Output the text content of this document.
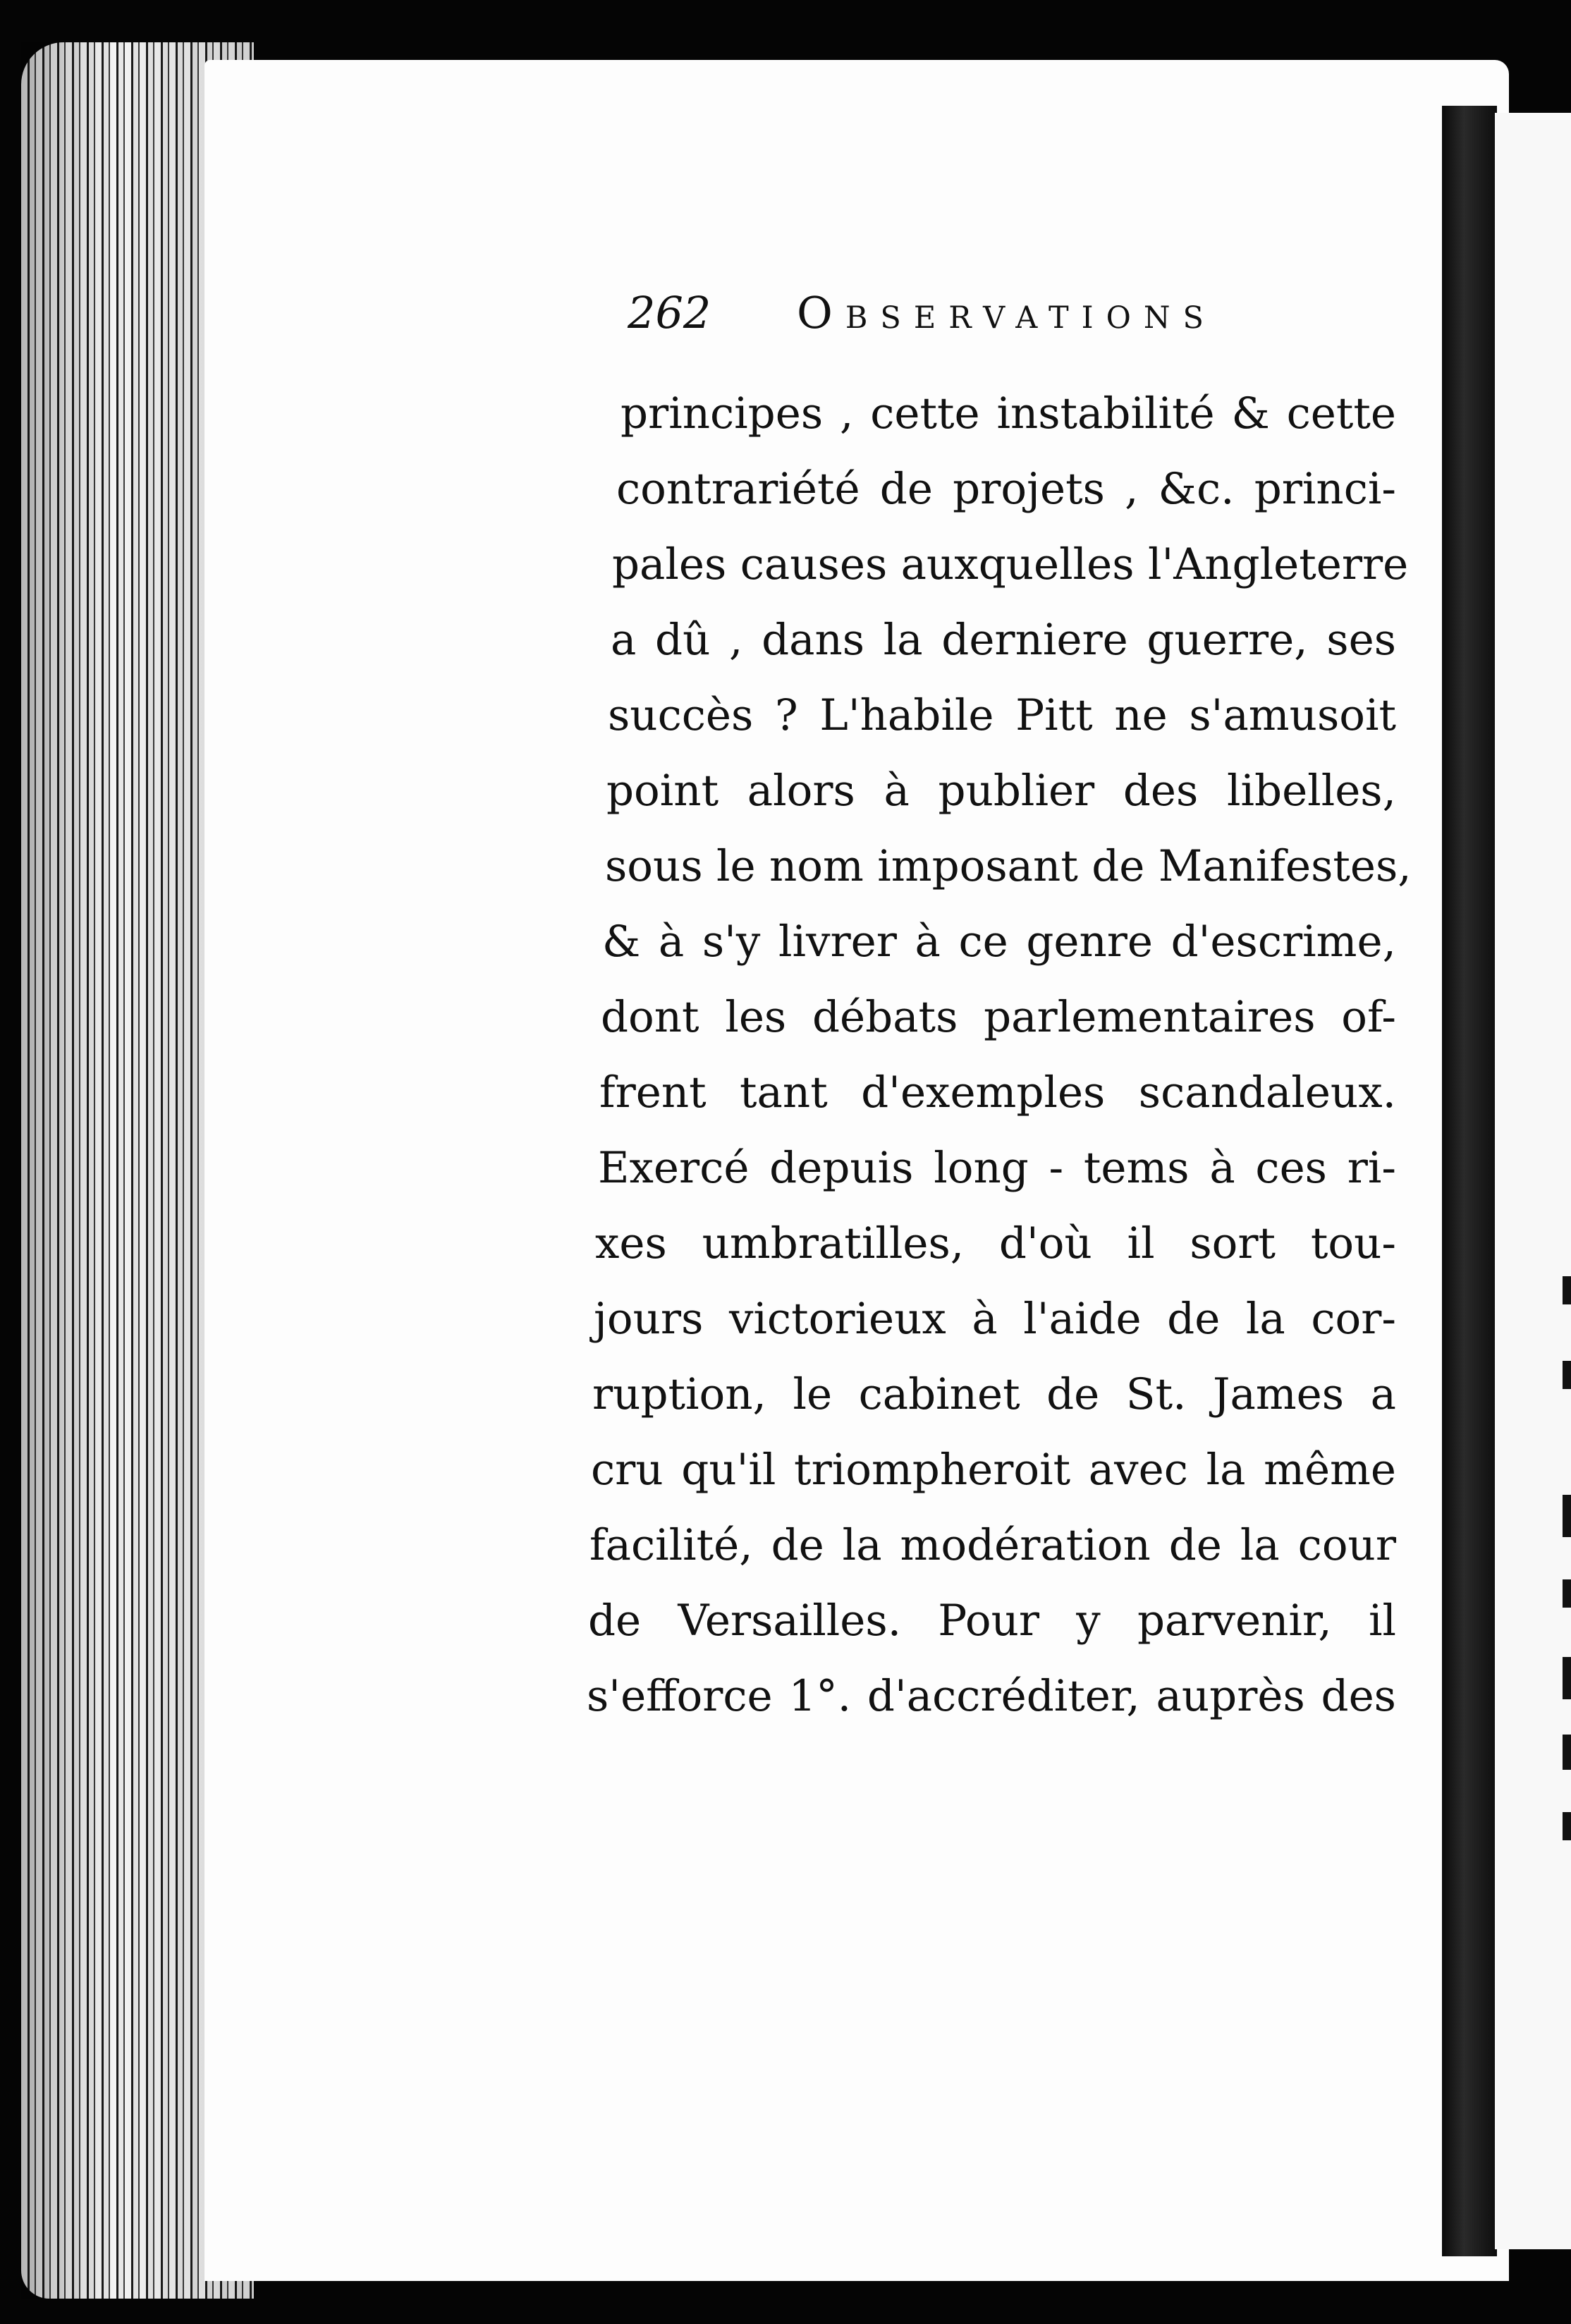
262 Observations
principes , cette instabilité & cette
contrariété de projets , &c. princi-
pales causes auxquelles l'Angleterre
a dû , dans la derniere guerre, ses
succès ? L'habile Pitt ne s'amusoit
point alors à publier des libelles,
sous le nom imposant de Manifestes,
& à s'y livrer à ce genre d'escrime,
dont les débats parlementaires of-
frent tant d'exemples scandaleux.
Exercé depuis long - tems à ces ri-
xes umbratilles, d'où il sort tou-
jours victorieux à l'aide de la cor-
ruption, le cabinet de St. James a
cru qu'il triompheroit avec la même
facilité, de la modération de la cour
de Versailles. Pour y parvenir, il
s'efforce 1°. d'accréditer, auprès des
